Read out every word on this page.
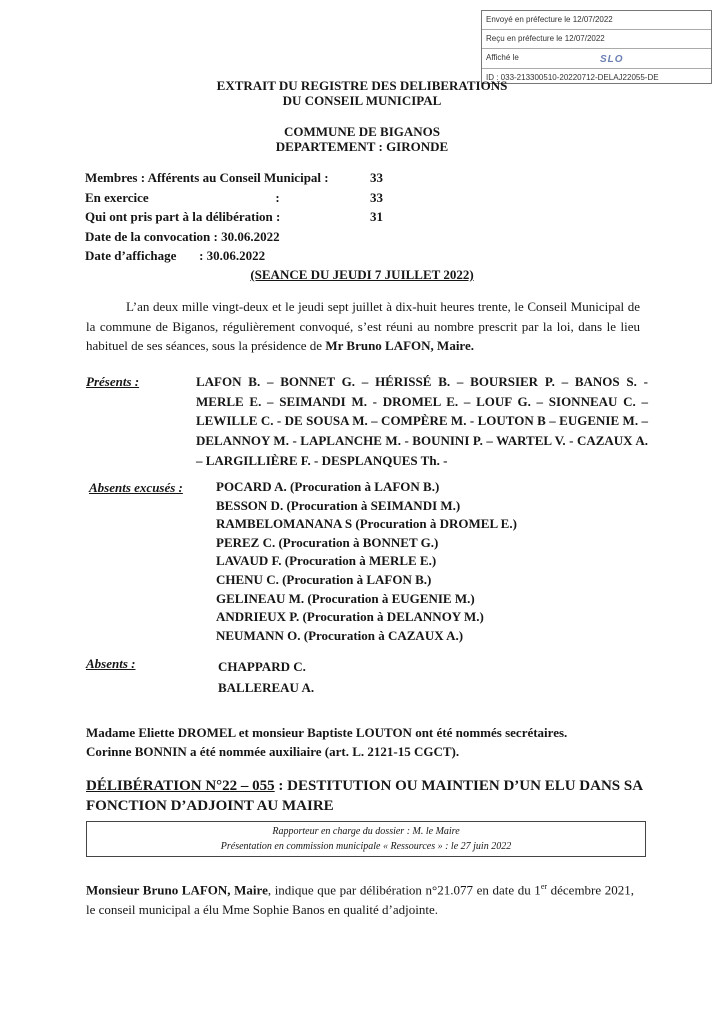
Envoyé en préfecture le 12/07/2022
Reçu en préfecture le 12/07/2022
Affiché le	SLO
ID : 033-213300510-20220712-DELAJ22055-DE
EXTRAIT DU REGISTRE DES DELIBERATIONS
DU CONSEIL MUNICIPAL
COMMUNE DE BIGANOS
DEPARTEMENT : GIRONDE
Membres : Afférents au Conseil Municipal :	33
En exercice                                       :	33
Qui ont pris part à la délibération :	31
Date de la convocation : 30.06.2022
Date d’affichage       : 30.06.2022
(SEANCE DU JEUDI 7 JUILLET 2022)
L’an deux mille vingt-deux et le jeudi sept juillet à dix-huit heures trente, le Conseil Municipal de la commune de Biganos, régulièrement convoqué, s’est réuni au nombre prescrit par la loi, dans le lieu habituel de ses séances, sous la présidence de Mr Bruno LAFON, Maire.
Présents :	LAFON B. – BONNET G. – HÉRISSÉ B. – BOURSIER P. – BANOS S. - MERLE E. – SEIMANDI M. - DROMEL E. – LOUF G. – SIONNEAU C. – LEWILLE C. - DE SOUSA M. – COMPÈRE M. - LOUTON B – EUGENIE M. – DELANNOY M. - LAPLANCHE M. - BOUNINI P. – WARTEL V. - CAZAUX A. – LARGILLIÈRE F. - DESPLANQUES Th. -
Absents excusés :	POCARD A. (Procuration à LAFON B.)
BESSON D. (Procuration à SEIMANDI M.)
RAMBELOMANANA S (Procuration à DROMEL E.)
PEREZ C. (Procuration à BONNET G.)
LAVAUD F. (Procuration à MERLE E.)
CHENU C. (Procuration à LAFON B.)
GELINEAU M. (Procuration à EUGENIE M.)
ANDRIEUX P. (Procuration à DELANNOY M.)
NEUMANN O. (Procuration à CAZAUX A.)
Absents :	CHAPPARD C.
BALLEREAU A.
Madame Eliette DROMEL et monsieur Baptiste LOUTON ont été nommés secrétaires.
Corinne BONNIN a été nommée auxiliaire (art. L. 2121-15 CGCT).
DÉLIBÉRATION N°22 – 055 : DESTITUTION OU MAINTIEN D’UN ELU DANS SA FONCTION D’ADJOINT AU MAIRE
Rapporteur en charge du dossier : M. le Maire
Présentation en commission municipale « Ressources » : le 27 juin 2022
Monsieur Bruno LAFON, Maire, indique que par délibération n°21.077 en date du 1er décembre 2021, le conseil municipal a élu Mme Sophie Banos en qualité d’adjointe.
